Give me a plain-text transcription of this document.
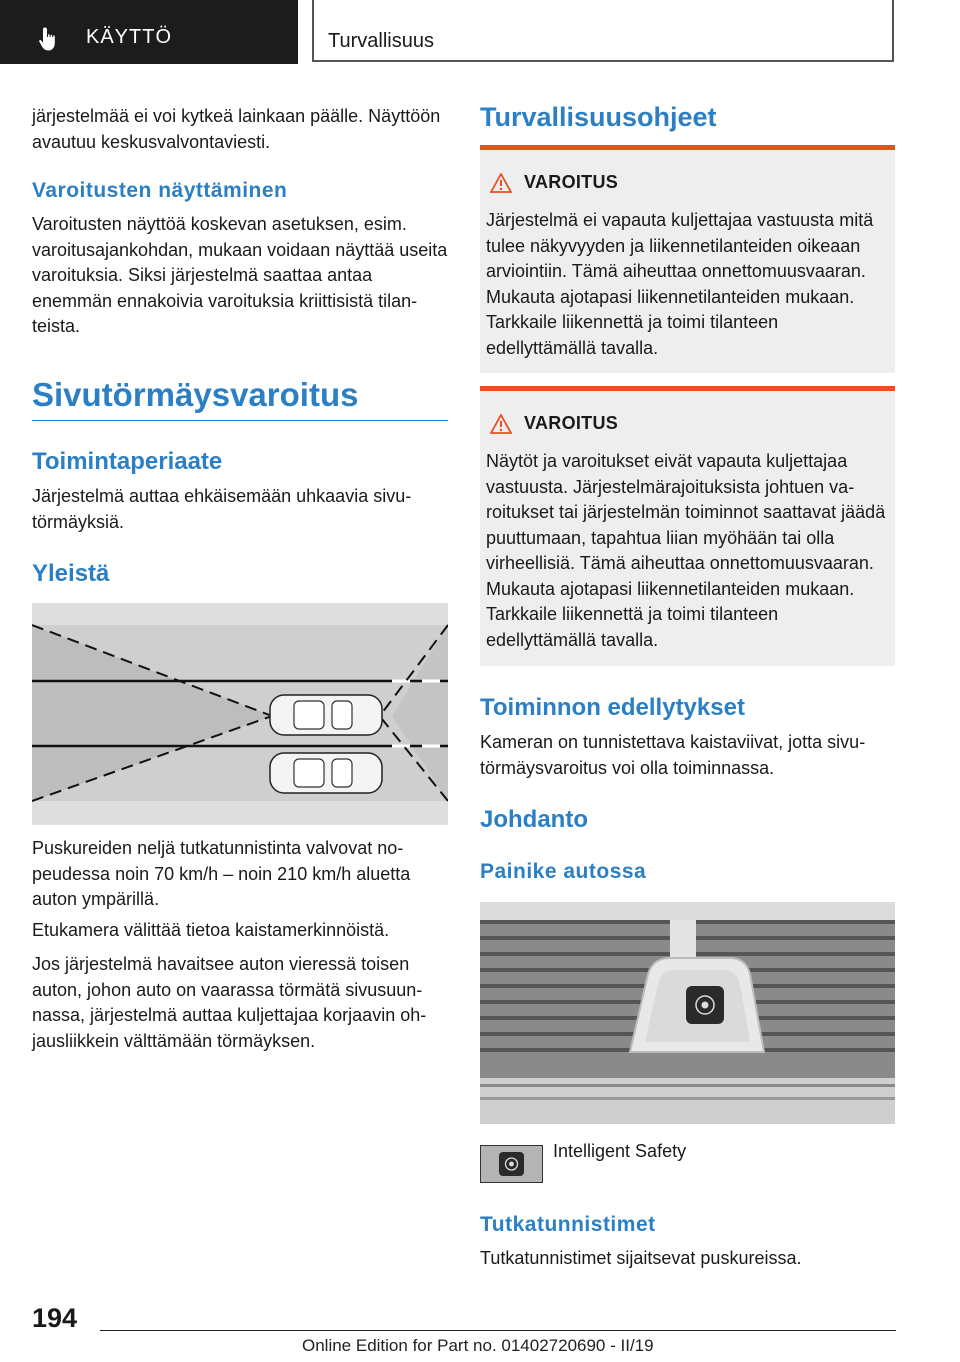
KÄYTTÖ	Turvallisuus

järjestelmää ei voi kytkeä lainkaan päälle. Näyttöön avautuu keskusvalvontaviesti.

Varoitusten näyttäminen

Varoitusten näyttöä koskevan asetuksen, esim. varoitusajankohdan, mukaan voidaan näyttää useita varoituksia. Siksi järjestelmä saattaa antaa enemmän ennakoivia varoituksia kriittisistä tilanteista.

Sivutörmäysvaroitus
Toimintaperiaate

Järjestelmä auttaa ehkäisemään uhkaavia sivutörmäyksiä.

Yleistä

Puskureiden neljä tutkatunnistinta valvovat nopeudessa noin 70 km/h – noin 210 km/h aluetta auton ympärillä.

Etukamera välittää tietoa kaistamerkinnöistä.

Jos järjestelmä havaitsee auton vieressä toisen auton, johon auto on vaarassa törmätä sivusuunnassa, järjestelmä auttaa kuljettajaa korjaavin ohjausliikkein välttämään törmäyksen.

Turvallisuusohjeet
VAROITUS

Järjestelmä ei vapauta kuljettajaa vastuusta mitä tulee näkyvyyden ja liikennetilanteiden oikeaan arviointiin. Tämä aiheuttaa onnettomuusvaaran. Mukauta ajotapasi liikennetilanteiden mukaan. Tarkkaile liikennettä ja toimi tilanteen edellyttämällä tavalla.

VAROITUS

Näytöt ja varoitukset eivät vapauta kuljettajaa vastuusta. Järjestelmärajoituksista johtuen varoitukset tai järjestelmän toiminnot saattavat jäädä puuttumaan, tapahtua liian myöhään tai olla virheellisiä. Tämä aiheuttaa onnettomuusvaaran. Mukauta ajotapasi liikennetilanteiden mukaan. Tarkkaile liikennettä ja toimi tilanteen edellyttämällä tavalla.

Toiminnon edellytykset

Kameran on tunnistettava kaistaviivat, jotta sivutörmäysvaroitus voi olla toiminnassa.

Johdanto
Painike autossa
Intelligent Safety
Tutkatunnistimet

Tutkatunnistimet sijaitsevat puskureissa.

194
Online Edition for Part no. 01402720690 - II/19
